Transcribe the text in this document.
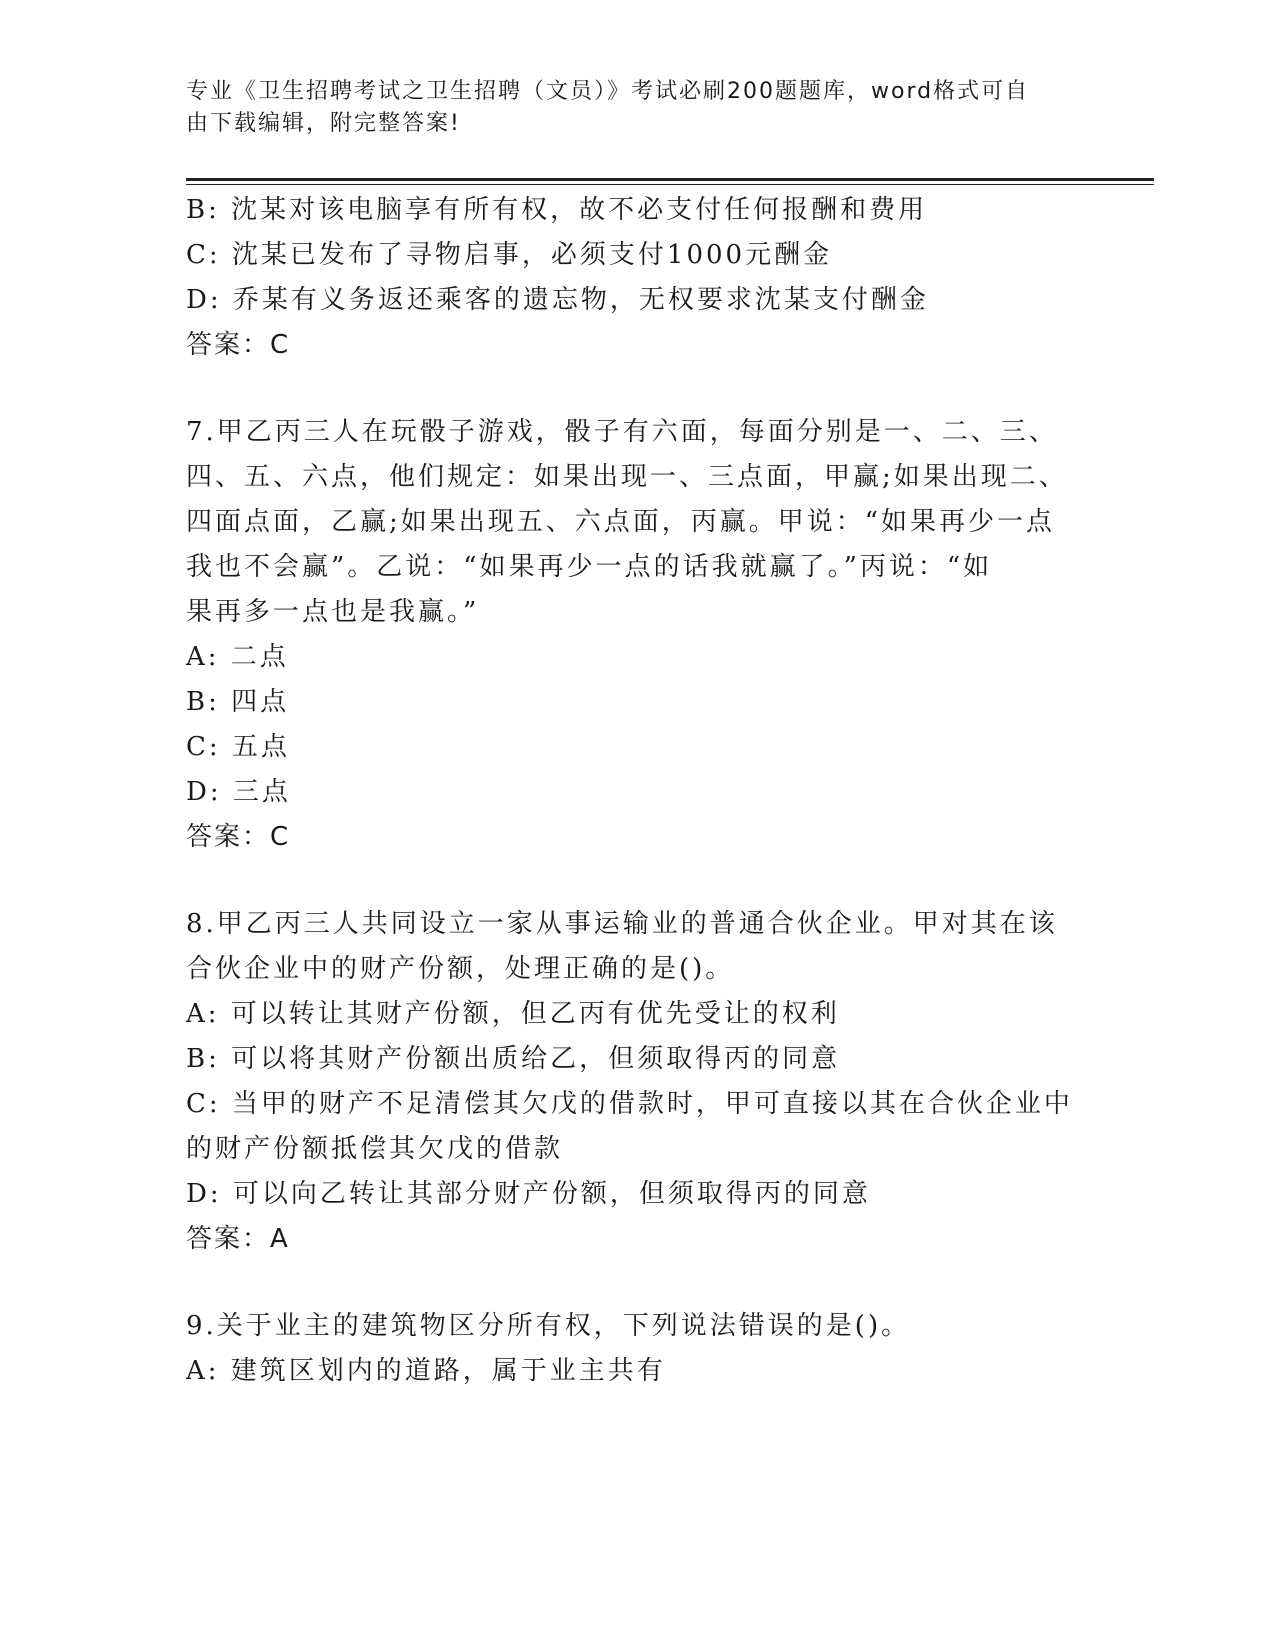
专业《卫生招聘考试之卫生招聘（文员）》考试必刷200题题库，word格式可自
由下载编辑，附完整答案!
B: 沈某对该电脑享有所有权，故不必支付任何报酬和费用
C: 沈某已发布了寻物启事，必须支付1000元酬金
D: 乔某有义务返还乘客的遗忘物，无权要求沈某支付酬金
答案：C
7.甲乙丙三人在玩骰子游戏，骰子有六面，每面分别是一、二、三、
四、五、六点，他们规定：如果出现一、三点面，甲赢;如果出现二、
四面点面，乙赢;如果出现五、六点面，丙赢。甲说：“如果再少一点
我也不会赢”。乙说：“如果再少一点的话我就赢了。”丙说：“如
果再多一点也是我赢。”
A: 二点
B: 四点
C: 五点
D: 三点
答案：C
8.甲乙丙三人共同设立一家从事运输业的普通合伙企业。甲对其在该
合伙企业中的财产份额，处理正确的是()。
A: 可以转让其财产份额，但乙丙有优先受让的权利
B: 可以将其财产份额出质给乙，但须取得丙的同意
C: 当甲的财产不足清偿其欠戊的借款时，甲可直接以其在合伙企业中
的财产份额抵偿其欠戊的借款
D: 可以向乙转让其部分财产份额，但须取得丙的同意
答案：A
9.关于业主的建筑物区分所有权，下列说法错误的是()。
A: 建筑区划内的道路，属于业主共有
